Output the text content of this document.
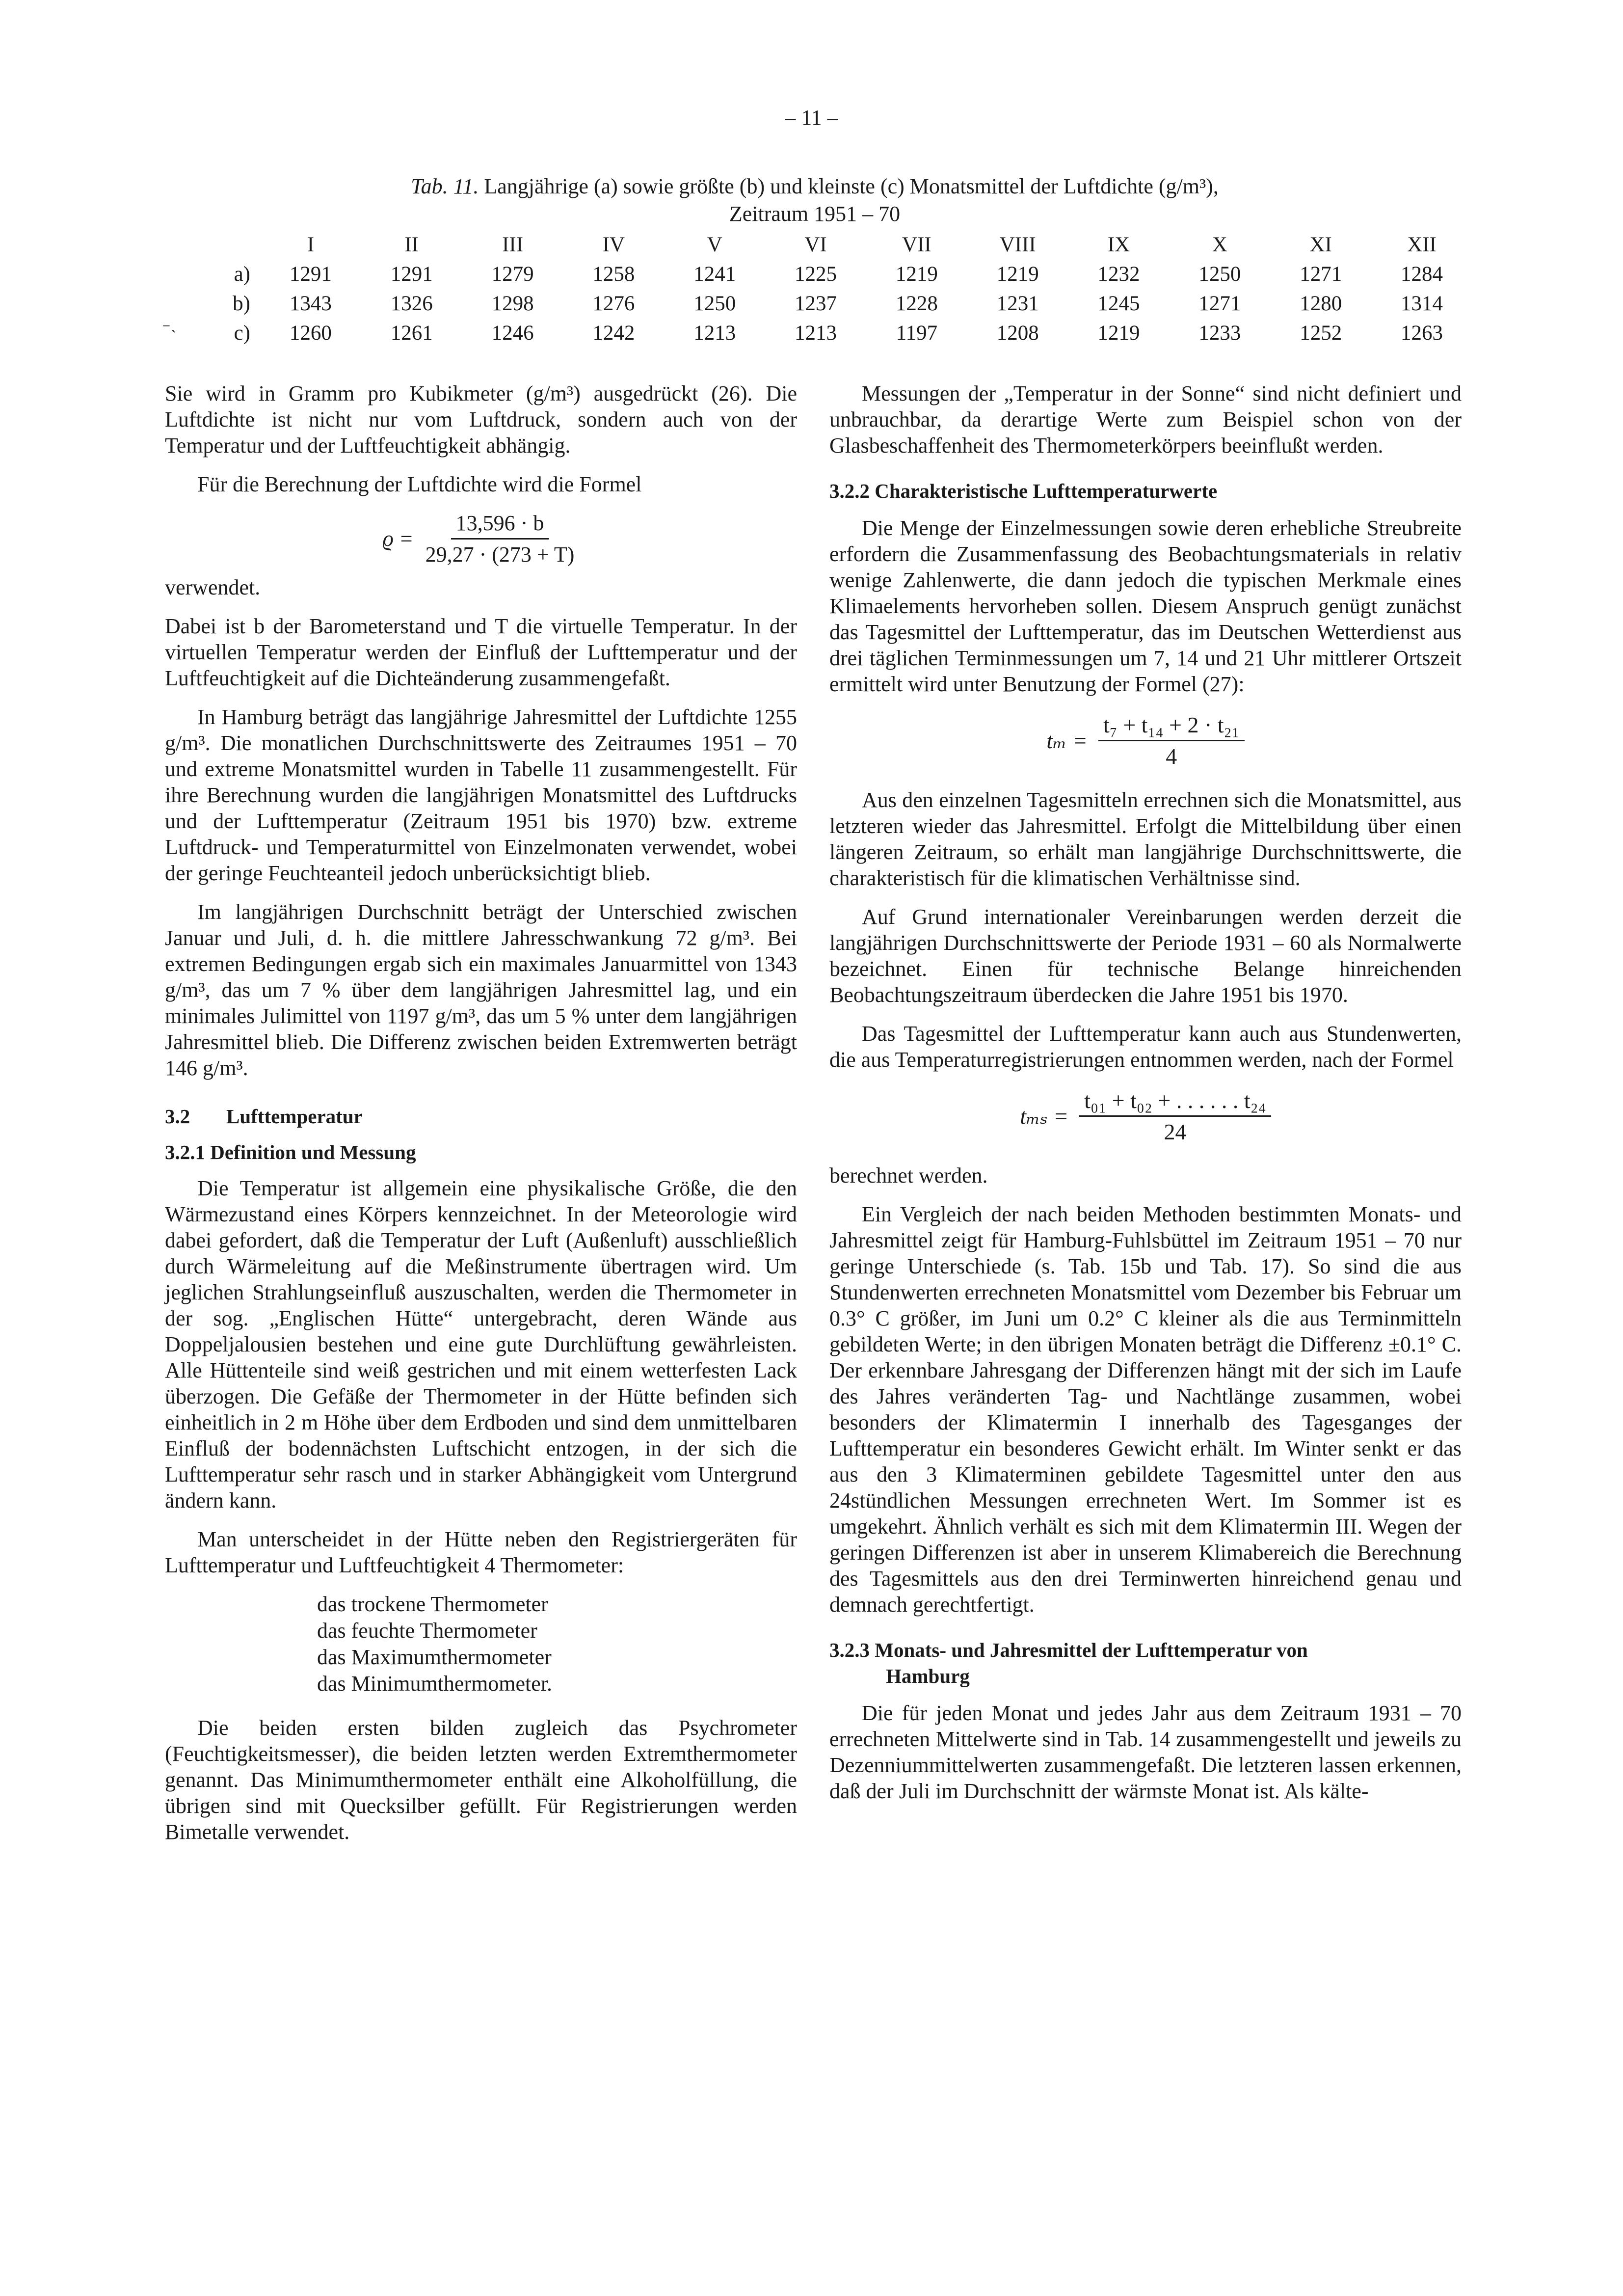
– 11 –
Tab. 11. Langjährige (a) sowie größte (b) und kleinste (c) Monatsmittel der Luftdichte (g/m³),
Zeitraum 1951 – 70
	I	II	III	IV	V	VI	VII	VIII	IX	X	XI	XII
a)	1291	1291	1279	1258	1241	1225	1219	1219	1232	1250	1271	1284
b)	1343	1326	1298	1276	1250	1237	1228	1231	1245	1271	1280	1314
c)	1260	1261	1246	1242	1213	1213	1197	1208	1219	1233	1252	1263
⁻˴

Sie wird in Gramm pro Kubikmeter (g/m³) ausgedrückt (26). Die Luftdichte ist nicht nur vom Luftdruck, sondern auch von der Temperatur und der Luftfeuchtigkeit abhängig.

Für die Berechnung der Luftdichte wird die Formel

$ϱ = \frac{13,596 \cdot b}{29,27 \cdot (273 + T)}$

verwendet.

Dabei ist b der Barometerstand und T die virtuelle Temperatur. In der virtuellen Temperatur werden der Einfluß der Lufttemperatur und der Luftfeuchtigkeit auf die Dichteänderung zusammengefaßt.

In Hamburg beträgt das langjährige Jahresmittel der Luftdichte 1255 g/m³. Die monatlichen Durchschnittswerte des Zeitraumes 1951 – 70 und extreme Monatsmittel wurden in Tabelle 11 zusammengestellt. Für ihre Berechnung wurden die langjährigen Monatsmittel des Luftdrucks und der Lufttemperatur (Zeitraum 1951 bis 1970) bzw. extreme Luftdruck- und Temperaturmittel von Einzelmonaten verwendet, wobei der geringe Feuchteanteil jedoch unberücksichtigt blieb.

Im langjährigen Durchschnitt beträgt der Unterschied zwischen Januar und Juli, d. h. die mittlere Jahresschwankung 72 g/m³. Bei extremen Bedingungen ergab sich ein maximales Januarmittel von 1343 g/m³, das um 7 % über dem langjährigen Jahresmittel lag, und ein minimales Julimittel von 1197 g/m³, das um 5 % unter dem langjährigen Jahresmittel blieb. Die Differenz zwischen beiden Extremwerten beträgt 146 g/m³.

3.2 Lufttemperatur
3.2.1 Definition und Messung

Die Temperatur ist allgemein eine physikalische Größe, die den Wärmezustand eines Körpers kennzeichnet. In der Meteorologie wird dabei gefordert, daß die Temperatur der Luft (Außenluft) ausschließlich durch Wärmeleitung auf die Meßinstrumente übertragen wird. Um jeglichen Strahlungseinfluß auszuschalten, werden die Thermometer in der sog. „Englischen Hütte“ untergebracht, deren Wände aus Doppeljalousien bestehen und eine gute Durchlüftung gewährleisten. Alle Hüttenteile sind weiß gestrichen und mit einem wetterfesten Lack überzogen. Die Gefäße der Thermometer in der Hütte befinden sich einheitlich in 2 m Höhe über dem Erdboden und sind dem unmittelbaren Einfluß der bodennächsten Luftschicht entzogen, in der sich die Lufttemperatur sehr rasch und in starker Abhängigkeit vom Untergrund ändern kann.

Man unterscheidet in der Hütte neben den Registriergeräten für Lufttemperatur und Luftfeuchtigkeit 4 Thermometer:

das trockene Thermometer
das feuchte Thermometer
das Maximumthermometer
das Minimumthermometer.

Die beiden ersten bilden zugleich das Psychrometer (Feuchtigkeitsmesser), die beiden letzten werden Extremthermometer genannt. Das Minimumthermometer enthält eine Alkoholfüllung, die übrigen sind mit Quecksilber gefüllt. Für Registrierungen werden Bimetalle verwendet.

Messungen der „Temperatur in der Sonne“ sind nicht definiert und unbrauchbar, da derartige Werte zum Beispiel schon von der Glasbeschaffenheit des Thermometerkörpers beeinflußt werden.

3.2.2 Charakteristische Lufttemperaturwerte

Die Menge der Einzelmessungen sowie deren erhebliche Streubreite erfordern die Zusammenfassung des Beobachtungsmaterials in relativ wenige Zahlenwerte, die dann jedoch die typischen Merkmale eines Klimaelements hervorheben sollen. Diesem Anspruch genügt zunächst das Tagesmittel der Lufttemperatur, das im Deutschen Wetterdienst aus drei täglichen Terminmessungen um 7, 14 und 21 Uhr mittlerer Ortszeit ermittelt wird unter Benutzung der Formel (27):

$t_m = \frac{\text{t₇ + t₁₄ + 2 · t₂₁}}{4}$

Aus den einzelnen Tagesmitteln errechnen sich die Monatsmittel, aus letzteren wieder das Jahresmittel. Erfolgt die Mittelbildung über einen längeren Zeitraum, so erhält man langjährige Durchschnittswerte, die charakteristisch für die klimatischen Verhältnisse sind.

Auf Grund internationaler Vereinbarungen werden derzeit die langjährigen Durchschnittswerte der Periode 1931 – 60 als Normalwerte bezeichnet. Einen für technische Belange hinreichenden Beobachtungszeitraum überdecken die Jahre 1951 bis 1970.

Das Tagesmittel der Lufttemperatur kann auch aus Stundenwerten, die aus Temperaturregistrierungen entnommen werden, nach der Formel

$t_{ms} = \frac{\text{t₀₁ + t₀₂ + . . . . . . t₂₄}}{24}$

berechnet werden.

Ein Vergleich der nach beiden Methoden bestimmten Monats- und Jahresmittel zeigt für Hamburg-Fuhlsbüttel im Zeitraum 1951 – 70 nur geringe Unterschiede (s. Tab. 15b und Tab. 17). So sind die aus Stundenwerten errechneten Monatsmittel vom Dezember bis Februar um 0.3° C größer, im Juni um 0.2° C kleiner als die aus Terminmitteln gebildeten Werte; in den übrigen Monaten beträgt die Differenz ±0.1° C. Der erkennbare Jahresgang der Differenzen hängt mit der sich im Laufe des Jahres veränderten Tag- und Nachtlänge zusammen, wobei besonders der Klimatermin I innerhalb des Tagesganges der Lufttemperatur ein besonderes Gewicht erhält. Im Winter senkt er das aus den 3 Klimaterminen gebildete Tagesmittel unter den aus 24stündlichen Messungen errechneten Wert. Im Sommer ist es umgekehrt. Ähnlich verhält es sich mit dem Klimatermin III. Wegen der geringen Differenzen ist aber in unserem Klimabereich die Berechnung des Tagesmittels aus den drei Terminwerten hinreichend genau und demnach gerechtfertigt.

3.2.3 Monats- und Jahresmittel der Lufttemperatur von
Hamburg

Die für jeden Monat und jedes Jahr aus dem Zeitraum 1931 – 70 errechneten Mittelwerte sind in Tab. 14 zusammengestellt und jeweils zu Dezenniummittelwerten zusammengefaßt. Die letzteren lassen erkennen, daß der Juli im Durchschnitt der wärmste Monat ist. Als kälte-
